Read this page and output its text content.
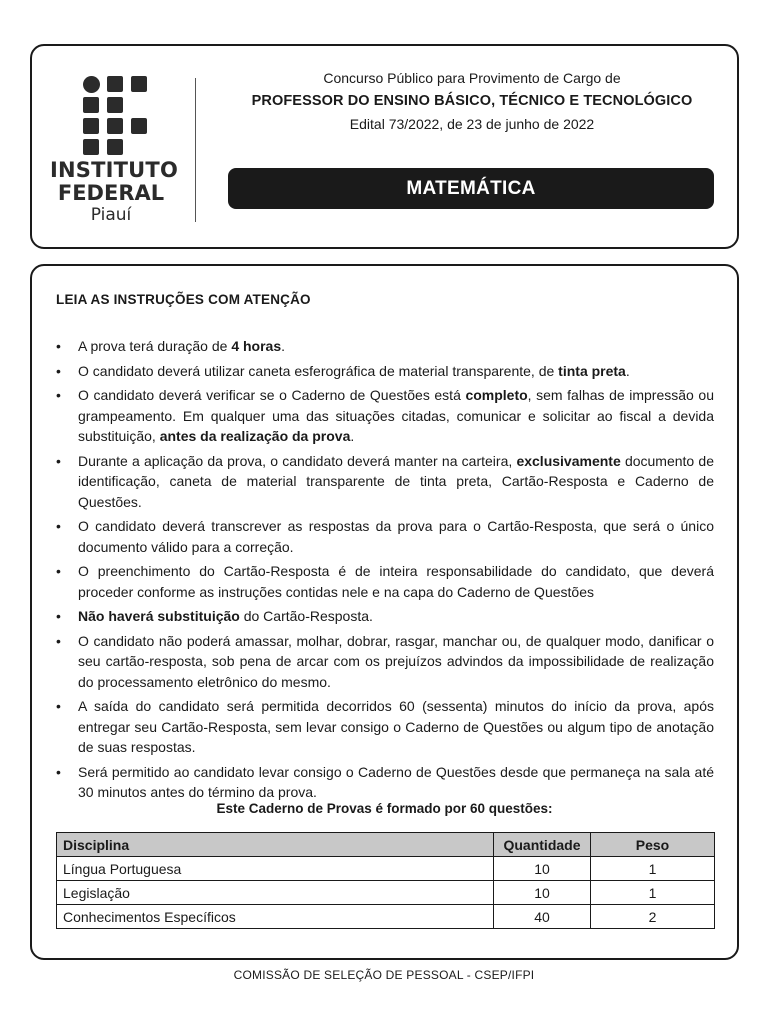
INSTITUTO
FEDERAL
Piauí
Concurso Público para Provimento de Cargo de
PROFESSOR DO ENSINO BÁSICO, TÉCNICO E TECNOLÓGICO
Edital 73/2022, de 23 de junho de 2022
MATEMÁTICA
LEIA AS INSTRUÇÕES COM ATENÇÃO
• A prova terá duração de 4 horas.
• O candidato deverá utilizar caneta esferográfica de material transparente, de tinta preta.
• O candidato deverá verificar se o Caderno de Questões está completo, sem falhas de impressão ou grampeamento. Em qualquer uma das situações citadas, comunicar e solicitar ao fiscal a devida substituição, antes da realização da prova.
• Durante a aplicação da prova, o candidato deverá manter na carteira, exclusivamente documento de identificação, caneta de material transparente de tinta preta, Cartão-Resposta e Caderno de Questões.
• O candidato deverá transcrever as respostas da prova para o Cartão-Resposta, que será o único documento válido para a correção.
• O preenchimento do Cartão-Resposta é de inteira responsabilidade do candidato, que deverá proceder conforme as instruções contidas nele e na capa do Caderno de Questões
• Não haverá substituição do Cartão-Resposta.
• O candidato não poderá amassar, molhar, dobrar, rasgar, manchar ou, de qualquer modo, danificar o seu cartão-resposta, sob pena de arcar com os prejuízos advindos da impossibilidade de realização do processamento eletrônico do mesmo.
• A saída do candidato será permitida decorridos 60 (sessenta) minutos do início da prova, após entregar seu Cartão-Resposta, sem levar consigo o Caderno de Questões ou algum tipo de anotação de suas respostas.
• Será permitido ao candidato levar consigo o Caderno de Questões desde que permaneça na sala até 30 minutos antes do término da prova.
Este Caderno de Provas é formado por 60 questões:
Disciplina	Quantidade	Peso
Língua Portuguesa	10	1
Legislação	10	1
Conhecimentos Específicos	40	2
COMISSÃO DE SELEÇÃO DE PESSOAL - CSEP/IFPI
